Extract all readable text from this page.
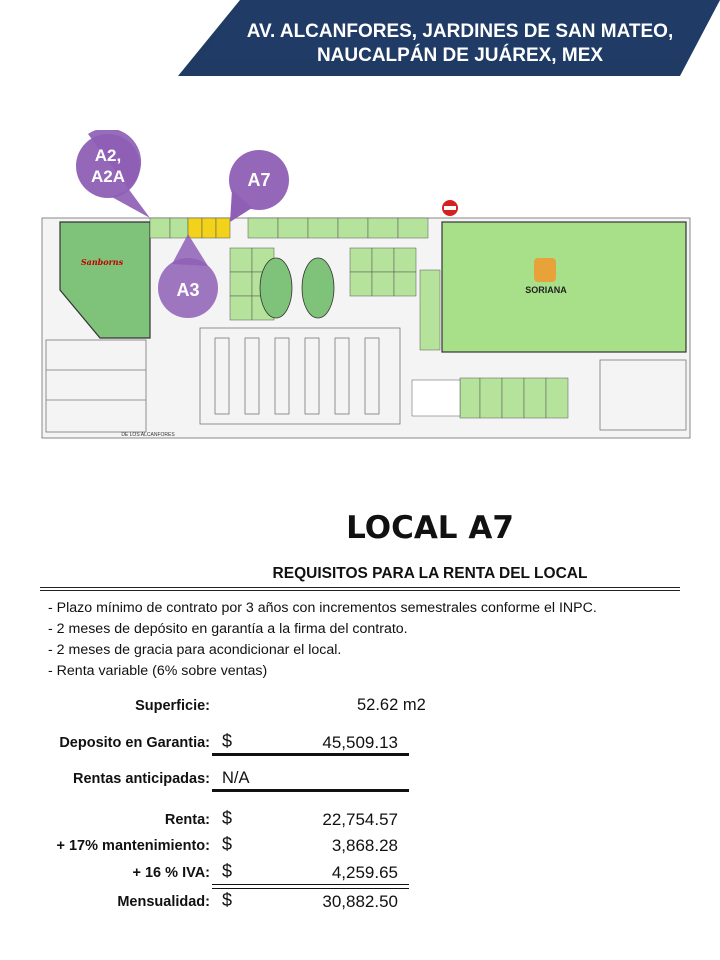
AV. ALCANFORES, JARDINES DE SAN MATEO,
NAUCALPÁN DE JUÁREX, MEX
Sanborns
SORIANA
DE LOS ALCANFORES
A2,
A2A	A7
A3
LOCAL A7
REQUISITOS PARA LA RENTA DEL LOCAL
- Plazo mínimo de contrato por 3 años con incrementos semestrales conforme el INPC.
- 2 meses de depósito en garantía a la firma del contrato.
- 2 meses de gracia para acondicionar el local.
- Renta variable (6% sobre ventas)
Superficie:	52.62 m2
Deposito en Garantia: $	45,509.13
Rentas anticipadas: N/A
Renta: $	22,754.57
+ 17% mantenimiento: $	3,868.28
+ 16 % IVA: $	4,259.65
Mensualidad: $	30,882.50
